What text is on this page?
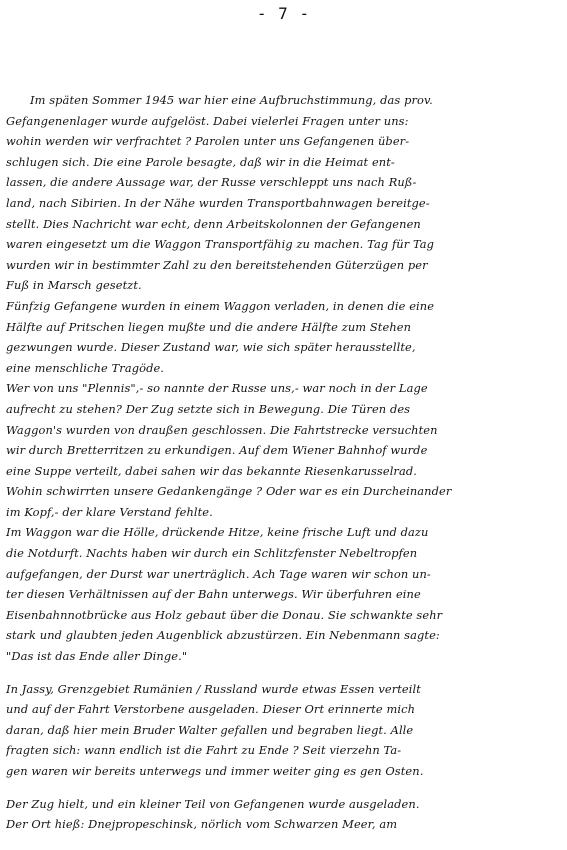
- 7 -
Im späten Sommer 1945 war hier eine Aufbruchstimmung, das prov.
Gefangenenlager wurde aufgelöst. Dabei vielerlei Fragen unter uns:
wohin werden wir verfrachtet ? Parolen unter uns Gefangenen über-
schlugen sich. Die eine Parole besagte, daß wir in die Heimat ent-
lassen, die andere Aussage war, der Russe verschleppt uns nach Ruß-
land, nach Sibirien. In der Nähe wurden Transportbahnwagen bereitge-
stellt. Dies Nachricht war echt, denn Arbeitskolonnen der Gefangenen
waren eingesetzt um die Waggon Transportfähig zu machen. Tag für Tag
wurden wir in bestimmter Zahl zu den bereitstehenden Güterzügen per
Fuß in Marsch gesetzt.
Fünfzig Gefangene wurden in einem Waggon verladen, in denen die eine
Hälfte auf Pritschen liegen mußte und die andere Hälfte zum Stehen
gezwungen wurde. Dieser Zustand war, wie sich später herausstellte,
eine menschliche Tragöde.
Wer von uns "Plennis",- so nannte der Russe uns,- war noch in der Lage
aufrecht zu stehen? Der Zug setzte sich in Bewegung. Die Türen des
Waggon's wurden von draußen geschlossen. Die Fahrtstrecke versuchten
wir durch Bretterritzen zu erkundigen. Auf dem Wiener Bahnhof wurde
eine Suppe verteilt, dabei sahen wir das bekannte Riesenkarusselrad.
Wohin schwirrten unsere Gedankengänge ? Oder war es ein Durcheinander
im Kopf,- der klare Verstand fehlte.
Im Waggon war die Hölle, drückende Hitze, keine frische Luft und dazu
die Notdurft. Nachts haben wir durch ein Schlitzfenster Nebeltropfen
aufgefangen, der Durst war unerträglich. Ach Tage waren wir schon un-
ter diesen Verhältnissen auf der Bahn unterwegs. Wir überfuhren eine
Eisenbahnnotbrücke aus Holz gebaut über die Donau. Sie schwankte sehr
stark und glaubten jeden Augenblick abzustürzen. Ein Nebenmann sagte:
"Das ist das Ende aller Dinge."
In Jassy, Grenzgebiet Rumänien / Russland wurde etwas Essen verteilt
und auf der Fahrt Verstorbene ausgeladen. Dieser Ort erinnerte mich
daran, daß hier mein Bruder Walter gefallen und begraben liegt. Alle
fragten sich: wann endlich ist die Fahrt zu Ende ? Seit vierzehn Ta-
gen waren wir bereits unterwegs und immer weiter ging es gen Osten.
Der Zug hielt, und ein kleiner Teil von Gefangenen wurde ausgeladen.
Der Ort hieß: Dnejpropeschinsk, nörlich vom Schwarzen Meer, am
